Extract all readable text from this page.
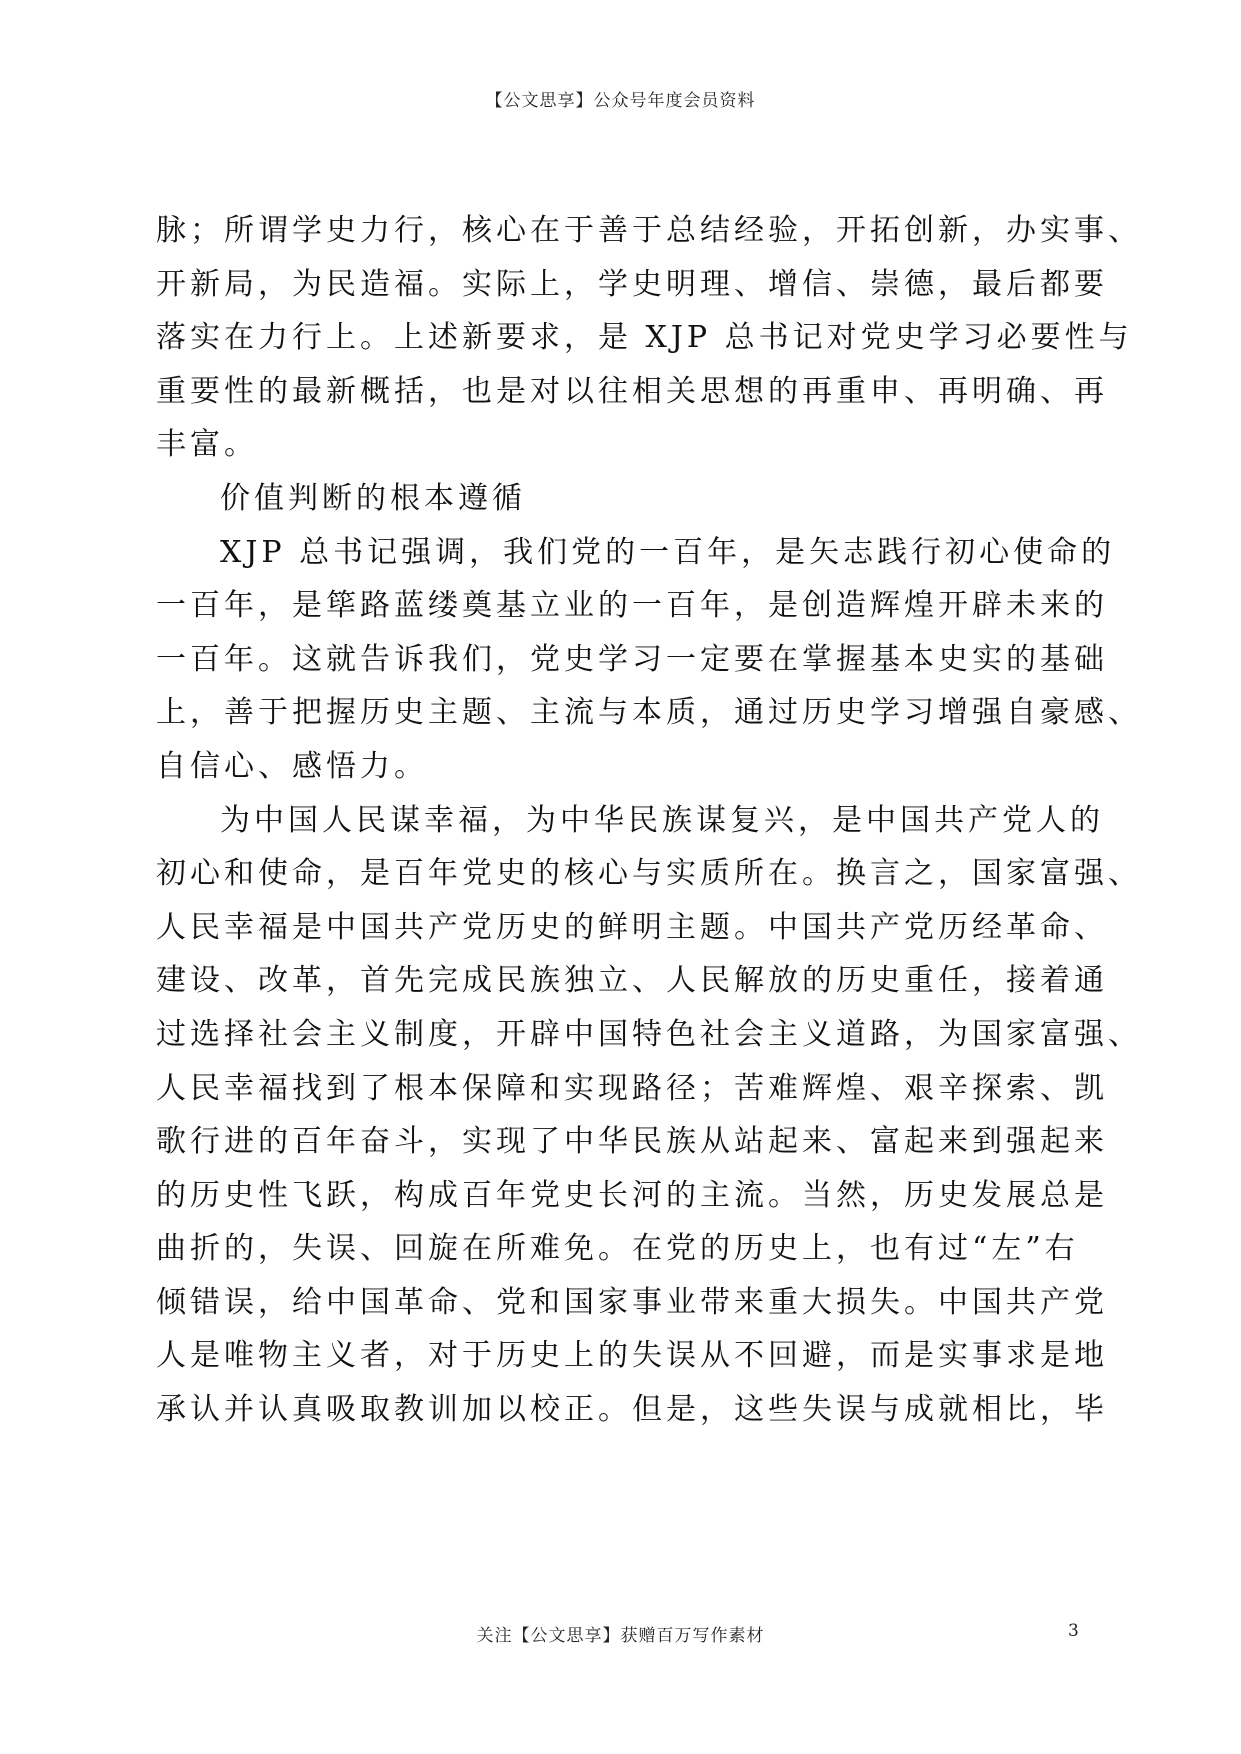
【公文思享】公众号年度会员资料
脉；所谓学史力行，核心在于善于总结经验，开拓创新，办实事、
开新局，为民造福。实际上，学史明理、增信、崇德，最后都要
落实在力行上。上述新要求，是 XJP 总书记对党史学习必要性与
重要性的最新概括，也是对以往相关思想的再重申、再明确、再
丰富。
价值判断的根本遵循
XJP 总书记强调，我们党的一百年，是矢志践行初心使命的
一百年，是筚路蓝缕奠基立业的一百年，是创造辉煌开辟未来的
一百年。这就告诉我们，党史学习一定要在掌握基本史实的基础
上，善于把握历史主题、主流与本质，通过历史学习增强自豪感、
自信心、感悟力。
为中国人民谋幸福，为中华民族谋复兴，是中国共产党人的
初心和使命，是百年党史的核心与实质所在。换言之，国家富强、
人民幸福是中国共产党历史的鲜明主题。中国共产党历经革命、
建设、改革，首先完成民族独立、人民解放的历史重任，接着通
过选择社会主义制度，开辟中国特色社会主义道路，为国家富强、
人民幸福找到了根本保障和实现路径；苦难辉煌、艰辛探索、凯
歌行进的百年奋斗，实现了中华民族从站起来、富起来到强起来
的历史性飞跃，构成百年党史长河的主流。当然，历史发展总是
曲折的，失误、回旋在所难免。在党的历史上，也有过“左”右
倾错误，给中国革命、党和国家事业带来重大损失。中国共产党
人是唯物主义者，对于历史上的失误从不回避，而是实事求是地
承认并认真吸取教训加以校正。但是，这些失误与成就相比，毕
关注【公文思享】获赠百万写作素材	3
